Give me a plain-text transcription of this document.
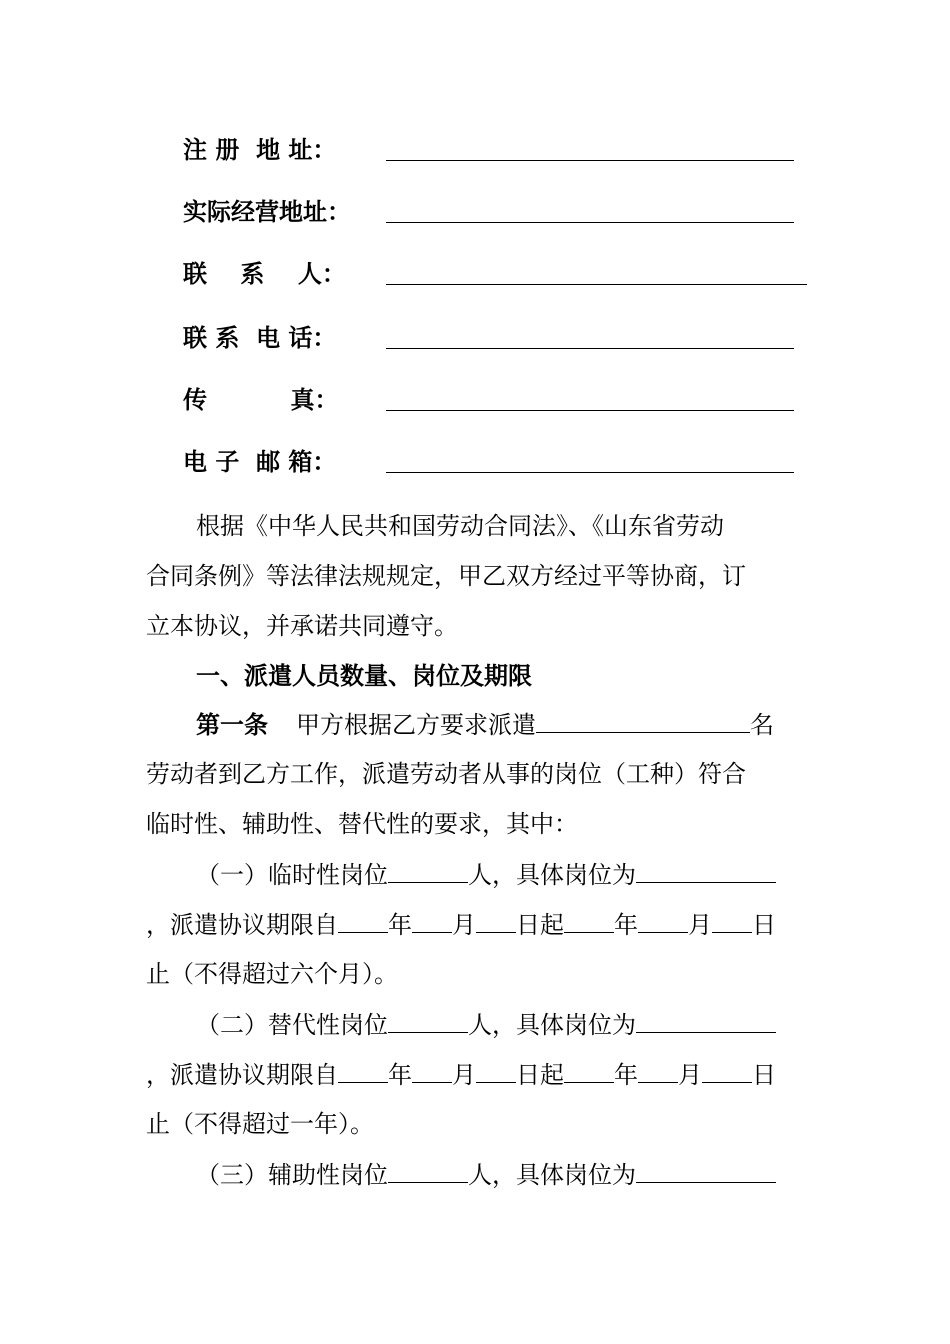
注 册  地 址：
实际经营地址：
联    系    人：
联 系  电 话：
传          真：
电 子  邮 箱：
根据《中华人民共和国劳动合同法》、《山东省劳动
合同条例》等法律法规规定，甲乙双方经过平等协商，订
立本协议，并承诺共同遵守。
一、派遣人员数量、岗位及期限
第一条 甲方根据乙方要求派遣	名
劳动者到乙方工作，派遣劳动者从事的岗位（工种）符合
临时性、辅助性、替代性的要求，其中：
（一）临时性岗位	人，具体岗位为
，派遣协议期限自 年 月 日起 年 月 日
止（不得超过六个月）。
（二）替代性岗位	人，具体岗位为
，派遣协议期限自 年 月 日起 年 月 日
止（不得超过一年）。
（三）辅助性岗位	人，具体岗位为
